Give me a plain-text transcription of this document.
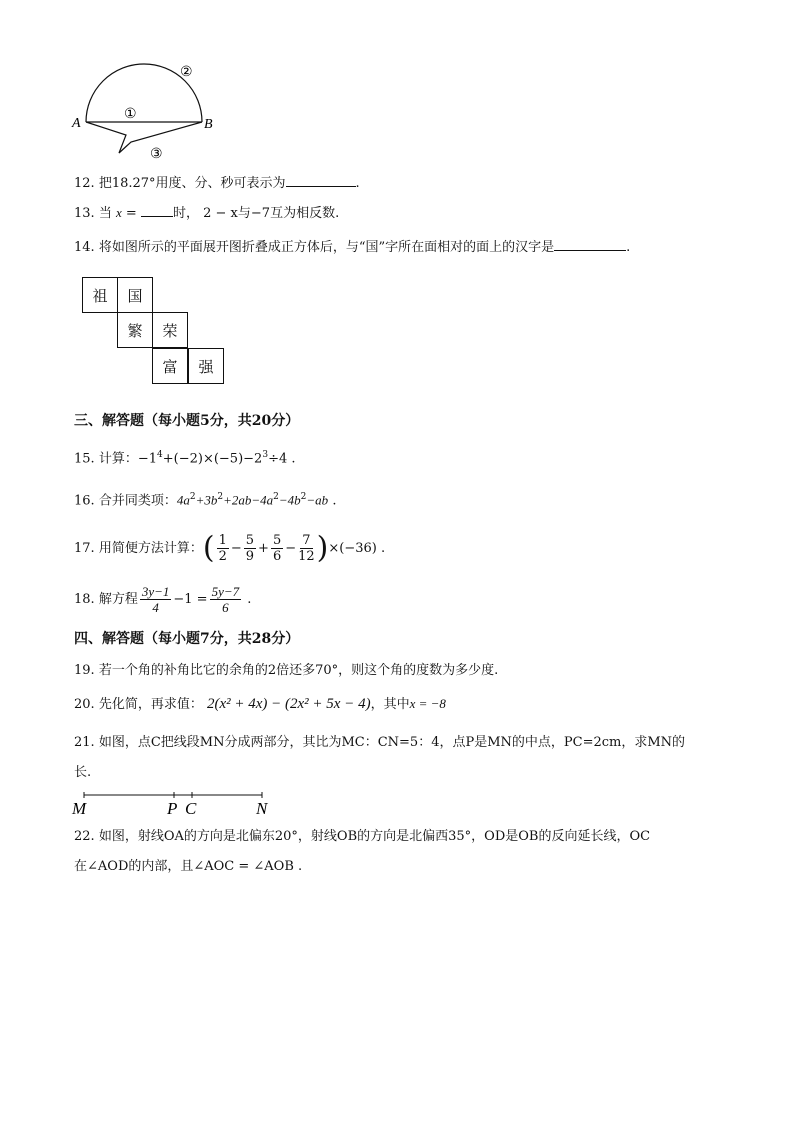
A	B
①
②
③
12. 把18.27°用度、分、秒可表示为	.
13. 当 x =	时， 2 − x与−7互为相反数.
14. 将如图所示的平面展开图折叠成正方体后，与“国”字所在面相对的面上的汉字是	.
祖	国
繁	荣
富	强
三、解答题（每小题5分，共20分）
15. 计算：$-1^4+(-2)\times(-5)-2^3\div 4$ .
16. 合并同类项：$4a^2+3b^2+2ab-4a^2-4b^2-ab$ .
17. 用简便方法计算：( $\frac{1}{2} - \frac{5}{9} + \frac{5}{6} - \frac{7}{12} )\times(-36)$ .
18. 解方程 $\frac{3y-1}{4} -1 = \frac{5y-7}{6}$ .
四、解答题（每小题7分，共28分）
19. 若一个角的补角比它的余角的2倍还多70°，则这个角的度数为多少度.
20. 先化简，再求值： 2(x² + 4x) − (2x² + 5x − 4)，其中x = −8
21. 如图，点C把线段MN分成两部分，其比为MC：CN=5：4，点P是MN的中点，PC=2cm，求MN的
长.
M	P C	N
22. 如图，射线OA的方向是北偏东20°，射线OB的方向是北偏西35°，OD是OB的反向延长线，OC
在∠AOD的内部，且∠AOC = ∠AOB .
